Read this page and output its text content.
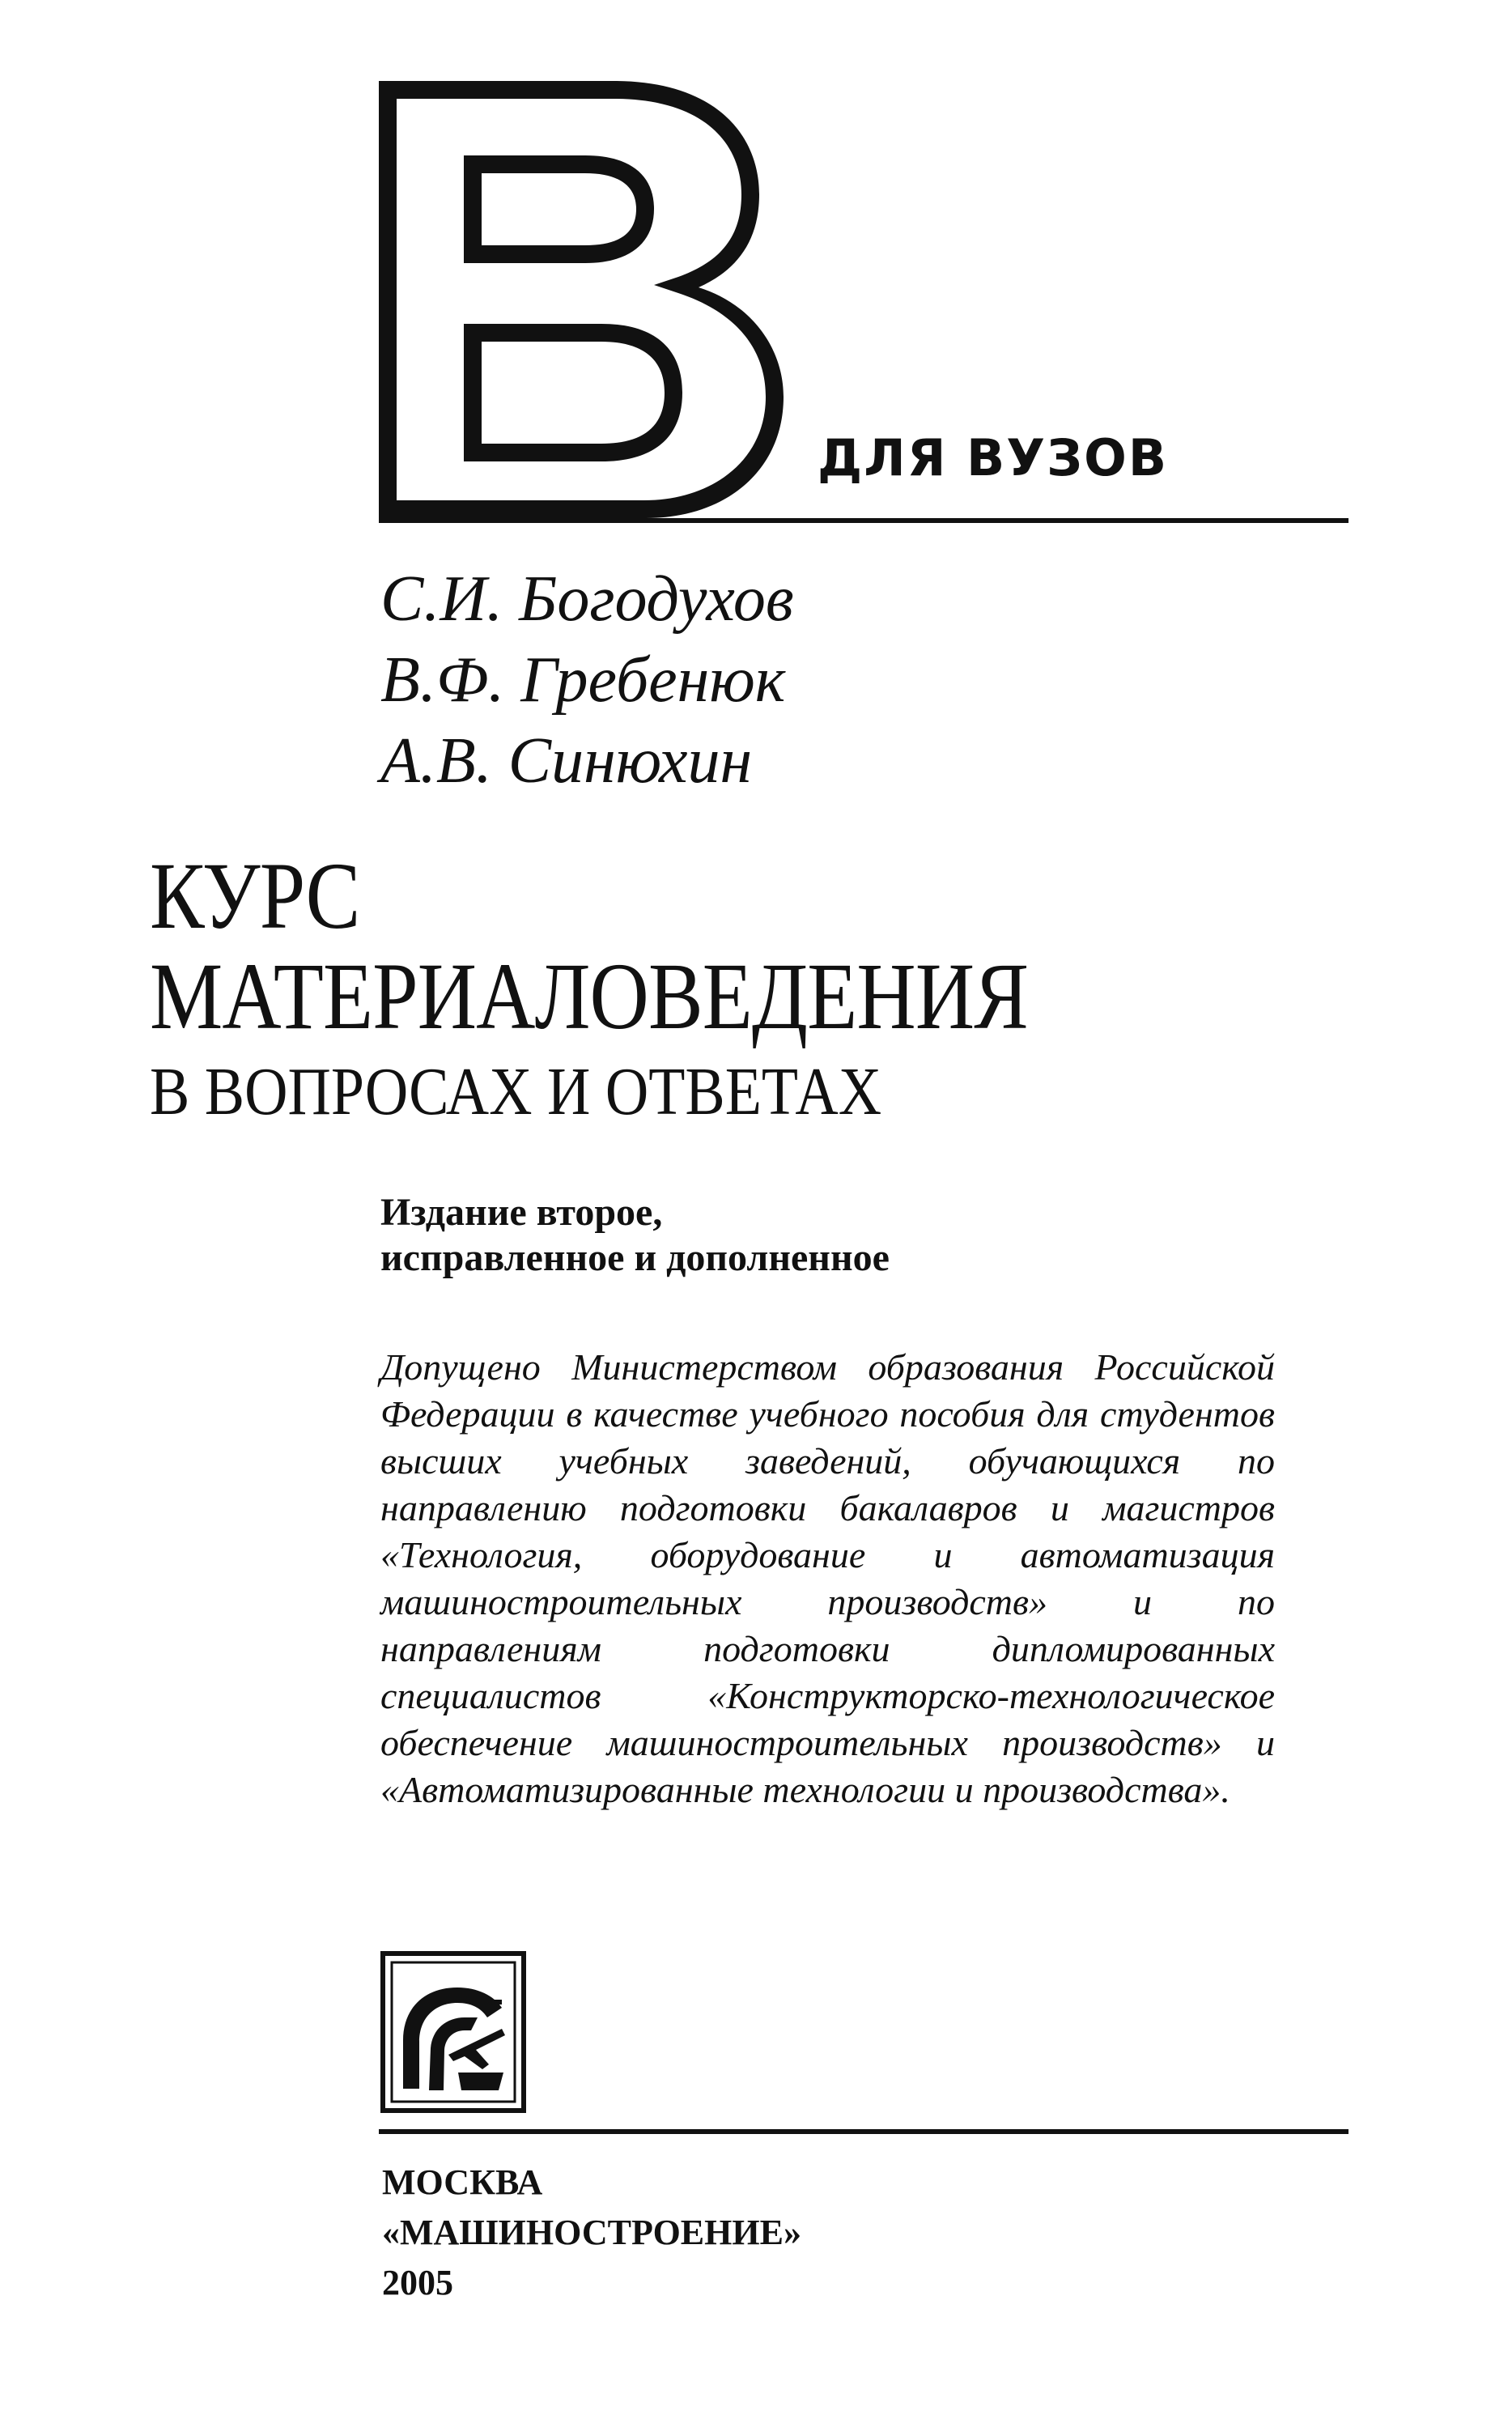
ДЛЯ ВУЗОВ
С.И. Богодухов
В.Ф. Гребенюк
А.В. Синюхин
КУРС
МАТЕРИАЛОВЕДЕНИЯ
В ВОПРОСАХ И ОТВЕТАХ
Издание второе,
исправленное и дополненное

Допущено Министерством образования Российской Федерации в качестве учебного пособия для студентов высших учебных заведений, обучающихся по направлению подготовки бакалавров и магистров «Технология, оборудование и автоматизация машиностроительных производств» и по направлениям подготовки дипломированных специалистов «Конструкторско-технологическое обеспечение машиностроительных производств» и «Автоматизированные технологии и производства».

МОСКВА
«МАШИНОСТРОЕНИЕ»
2005
